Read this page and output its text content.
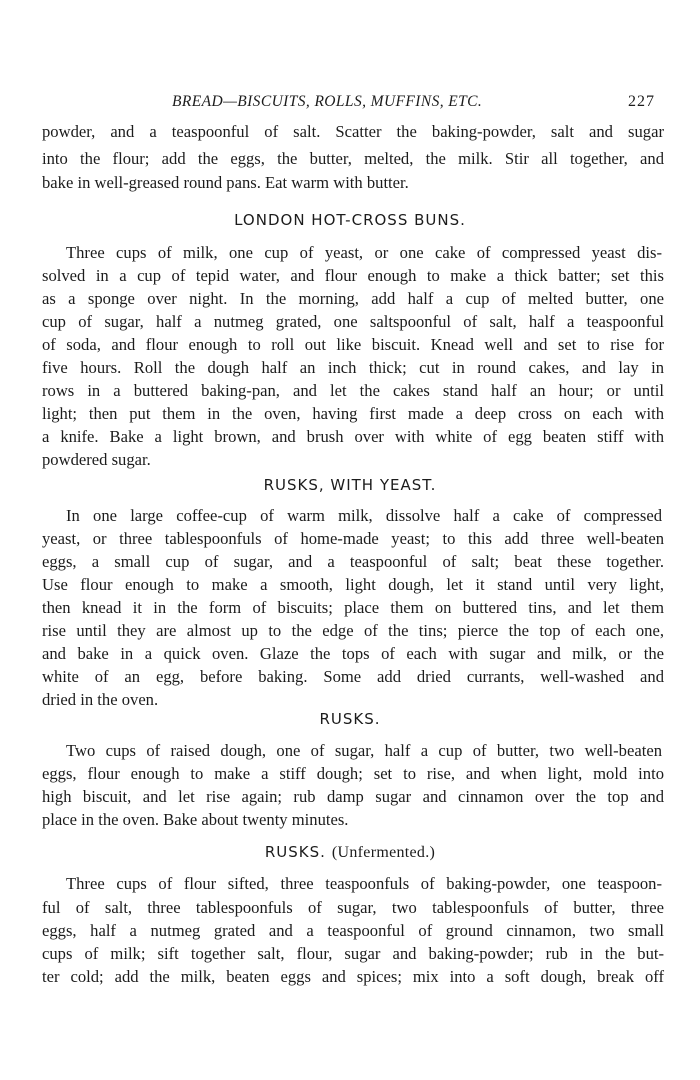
BREAD—BISCUITS, ROLLS, MUFFINS, ETC.	227
powder, and a teaspoonful of salt. Scatter the baking-powder, salt and sugar
into the flour; add the eggs, the butter, melted, the milk. Stir all together, and
bake in well-greased round pans. Eat warm with butter.
LONDON HOT-CROSS BUNS.
Three cups of milk, one cup of yeast, or one cake of compressed yeast dis-
solved in a cup of tepid water, and flour enough to make a thick batter; set this
as a sponge over night. In the morning, add half a cup of melted butter, one
cup of sugar, half a nutmeg grated, one saltspoonful of salt, half a teaspoonful
of soda, and flour enough to roll out like biscuit. Knead well and set to rise for
five hours. Roll the dough half an inch thick; cut in round cakes, and lay in
rows in a buttered baking-pan, and let the cakes stand half an hour; or until
light; then put them in the oven, having first made a deep cross on each with
a knife. Bake a light brown, and brush over with white of egg beaten stiff with
powdered sugar.
RUSKS, WITH YEAST.
In one large coffee-cup of warm milk, dissolve half a cake of compressed
yeast, or three tablespoonfuls of home-made yeast; to this add three well-beaten
eggs, a small cup of sugar, and a teaspoonful of salt; beat these together.
Use flour enough to make a smooth, light dough, let it stand until very light,
then knead it in the form of biscuits; place them on buttered tins, and let them
rise until they are almost up to the edge of the tins; pierce the top of each one,
and bake in a quick oven. Glaze the tops of each with sugar and milk, or the
white of an egg, before baking. Some add dried currants, well-washed and
dried in the oven.
RUSKS.
Two cups of raised dough, one of sugar, half a cup of butter, two well-beaten
eggs, flour enough to make a stiff dough; set to rise, and when light, mold into
high biscuit, and let rise again; rub damp sugar and cinnamon over the top and
place in the oven. Bake about twenty minutes.
RUSKS. (Unfermented.)
Three cups of flour sifted, three teaspoonfuls of baking-powder, one teaspoon-
ful of salt, three tablespoonfuls of sugar, two tablespoonfuls of butter, three
eggs, half a nutmeg grated and a teaspoonful of ground cinnamon, two small
cups of milk; sift together salt, flour, sugar and baking-powder; rub in the but-
ter cold; add the milk, beaten eggs and spices; mix into a soft dough, break off
